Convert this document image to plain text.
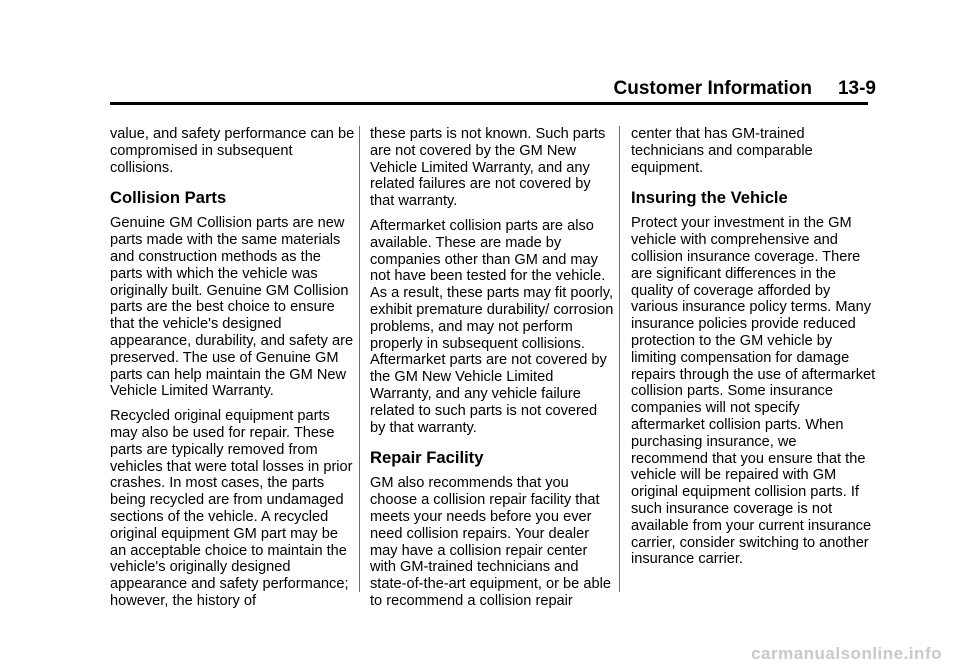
Customer Information 13-9

value, and safety performance can be compromised in subsequent collisions.

Collision Parts

Genuine GM Collision parts are new parts made with the same materials and construction methods as the parts with which the vehicle was originally built. Genuine GM Collision parts are the best choice to ensure that the vehicle's designed appearance, durability, and safety are preserved. The use of Genuine GM parts can help maintain the GM New Vehicle Limited Warranty.

Recycled original equipment parts may also be used for repair. These parts are typically removed from vehicles that were total losses in prior crashes. In most cases, the parts being recycled are from undamaged sections of the vehicle. A recycled original equipment GM part may be an acceptable choice to maintain the vehicle's originally designed appearance and safety performance; however, the history of

these parts is not known. Such parts are not covered by the GM New Vehicle Limited Warranty, and any related failures are not covered by that warranty.

Aftermarket collision parts are also available. These are made by companies other than GM and may not have been tested for the vehicle. As a result, these parts may fit poorly, exhibit premature durability/ corrosion problems, and may not perform properly in subsequent collisions. Aftermarket parts are not covered by the GM New Vehicle Limited Warranty, and any vehicle failure related to such parts is not covered by that warranty.

Repair Facility

GM also recommends that you choose a collision repair facility that meets your needs before you ever need collision repairs. Your dealer may have a collision repair center with GM-trained technicians and state-of-the-art equipment, or be able to recommend a collision repair

center that has GM-trained technicians and comparable equipment.

Insuring the Vehicle

Protect your investment in the GM vehicle with comprehensive and collision insurance coverage. There are significant differences in the quality of coverage afforded by various insurance policy terms. Many insurance policies provide reduced protection to the GM vehicle by limiting compensation for damage repairs through the use of aftermarket collision parts. Some insurance companies will not specify aftermarket collision parts. When purchasing insurance, we recommend that you ensure that the vehicle will be repaired with GM original equipment collision parts. If such insurance coverage is not available from your current insurance carrier, consider switching to another insurance carrier.

carmanualsonline.info
